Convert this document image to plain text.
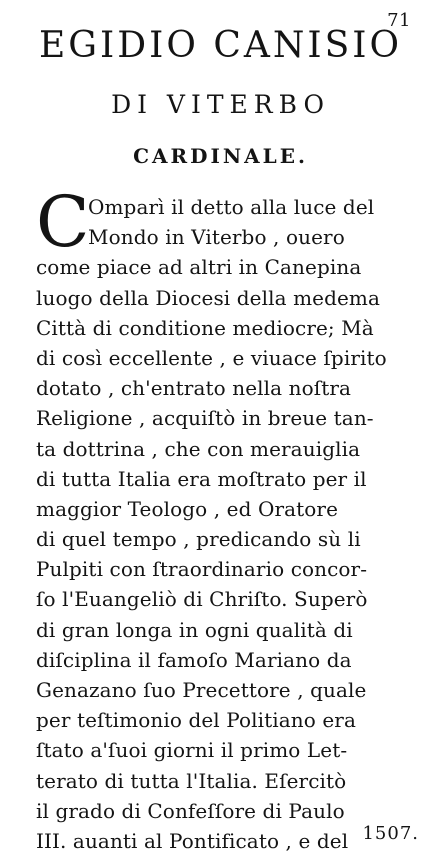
71
EGIDIO CANISIO
DI VITERBO
CARDINALE.
C
Omparì il detto alla luce del
Mondo in Viterbo , ouero
come piace ad altri in Canepina
luogo della Diocesi della medema
Città di conditione mediocre; Mà
di così eccellente , e viuace ſpirito
dotato , ch'entrato nella noſtra
Religione , acquiſtò in breue tan-
ta dottrina , che con merauiglia
di tutta Italia era moſtrato per il
maggior Teologo , ed Oratore
di quel tempo , predicando sù li
Pulpiti con ſtraordinario concor-
ſo l'Euangeliò di Chriſto. Superò
di gran longa in ogni qualità di
diſciplina il famoſo Mariano da
Genazano ſuo Precettore , quale
per teſtimonio del Politiano era
ſtato a'ſuoi giorni il primo Let-
terato di tutta l'Italia. Eſercitò
il grado di Confeſſore di Paulo
III. auanti al Pontificato , e del 1507.
